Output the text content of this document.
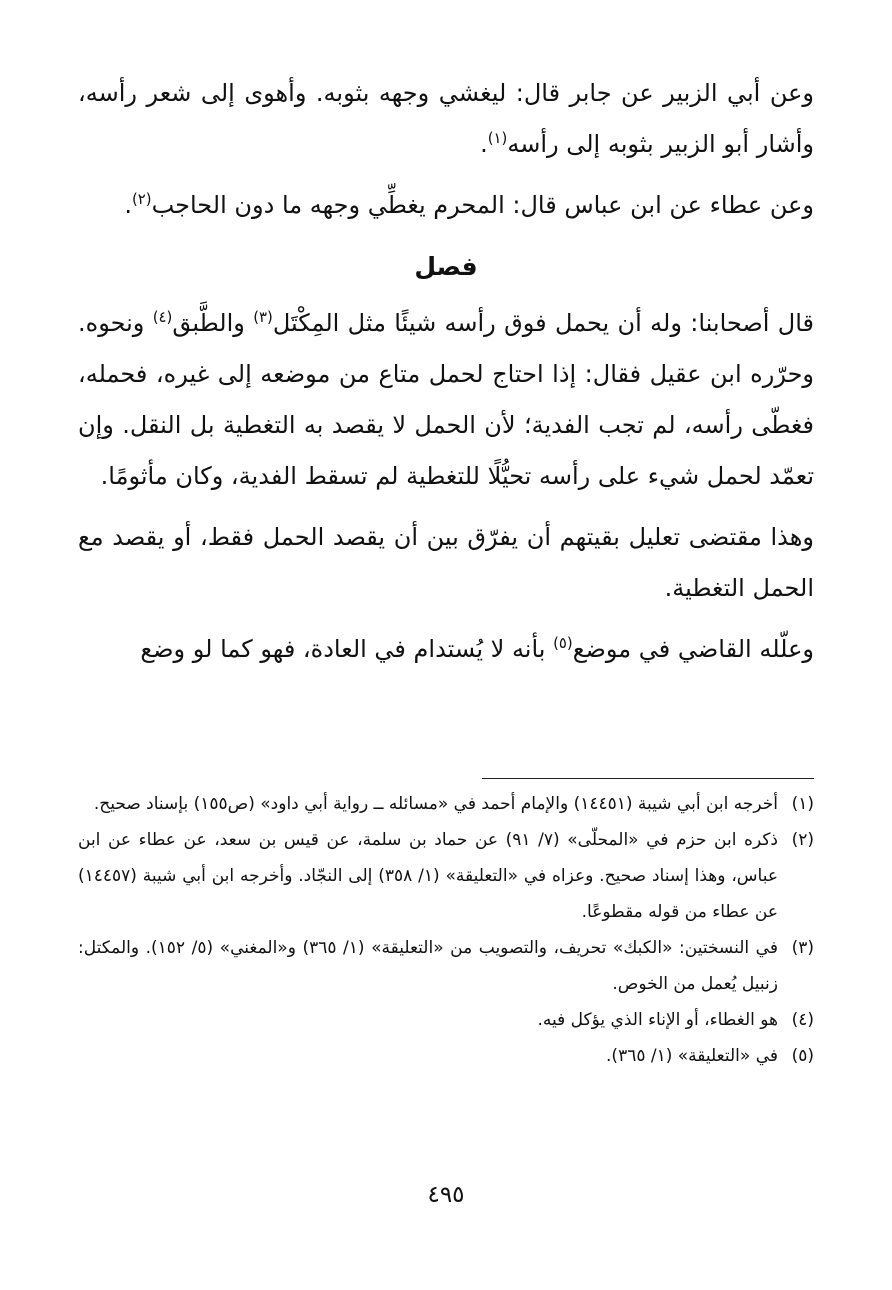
وعن أبي الزبير عن جابر قال: ليغشي وجهه بثوبه. وأهوى إلى شعر رأسه، وأشار أبو الزبير بثوبه إلى رأسه$^{(١)}$.

وعن عطاء عن ابن عباس قال: المحرم يغطِّي وجهه ما دون الحاجب$^{(٢)}$.

فصل

قال أصحابنا: وله أن يحمل فوق رأسه شيئًا مثل المِكْتَل$^{(٣)}$ والطَّبق$^{(٤)}$ ونحوه. وحرّره ابن عقيل فقال: إذا احتاج لحمل متاع من موضعه إلى غيره، فحمله، فغطّى رأسه، لم تجب الفدية؛ لأن الحمل لا يقصد به التغطية بل النقل. وإن تعمّد لحمل شيء على رأسه تحيُّلًا للتغطية لم تسقط الفدية، وكان مأثومًا.

وهذا مقتضى تعليل بقيتهم أن يفرّق بين أن يقصد الحمل فقط، أو يقصد مع الحمل التغطية.

وعلّله القاضي في موضع$^{(٥)}$ بأنه لا يُستدام في العادة، فهو كما لو وضع

(١)
أخرجه ابن أبي شيبة (١٤٤٥١) والإمام أحمد في «مسائله ــ رواية أبي داود» (ص١٥٥) بإسناد صحيح.
(٢)
ذكره ابن حزم في «المحلّى» (٧/ ٩١) عن حماد بن سلمة، عن قيس بن سعد، عن عطاء عن ابن عباس، وهذا إسناد صحيح. وعزاه في «التعليقة» (١/ ٣٥٨) إلى النجّاد. وأخرجه ابن أبي شيبة (١٤٤٥٧) عن عطاء من قوله مقطوعًا.
(٣)
في النسختين: «الكبك» تحريف، والتصويب من «التعليقة» (١/ ٣٦٥) و«المغني» (٥/ ١٥٢). والمكتل: زنبيل يُعمل من الخوص.
(٤)
هو الغطاء، أو الإناء الذي يؤكل فيه.
(٥)
في «التعليقة» (١/ ٣٦٥).
٤٩٥
